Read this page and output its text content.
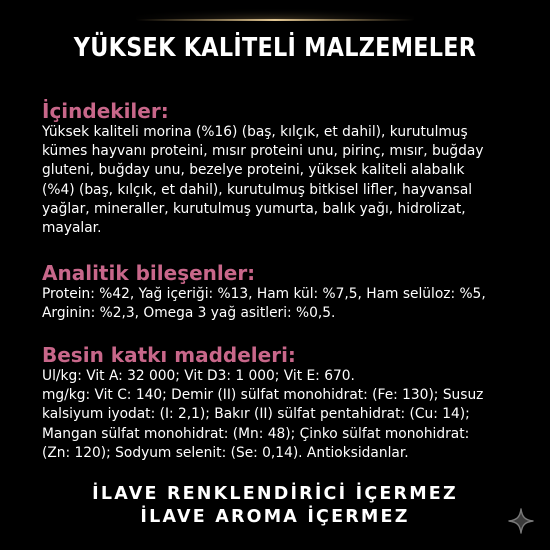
YÜKSEK KALİTELİ MALZEMELER
İçindekiler:

Yüksek kaliteli morina (%16) (baş, kılçık, et dahil), kurutulmuş
kümes hayvanı proteini, mısır proteini unu, pirinç, mısır, buğday
gluteni, buğday unu, bezelye proteini, yüksek kaliteli alabalık
(%4) (baş, kılçık, et dahil), kurutulmuş bitkisel lifler, hayvansal
yağlar, mineraller, kurutulmuş yumurta, balık yağı, hidrolizat,
mayalar.

Analitik bileşenler:

Protein: %42, Yağ içeriği: %13, Ham kül: %7,5, Ham selüloz: %5,
Arginin: %2,3, Omega 3 yağ asitleri: %0,5.

Besin katkı maddeleri:

Ul/kg: Vit A: 32 000; Vit D3: 1 000; Vit E: 670.
mg/kg: Vit C: 140; Demir (II) sülfat monohidrat: (Fe: 130); Susuz
kalsiyum iyodat: (I: 2,1); Bakır (II) sülfat pentahidrat: (Cu: 14);
Mangan sülfat monohidrat: (Mn: 48); Çinko sülfat monohidrat:
(Zn: 120); Sodyum selenit: (Se: 0,14). Antioksidanlar.

İLAVE RENKLENDİRİCİ İÇERMEZ
İLAVE AROMA İÇERMEZ
